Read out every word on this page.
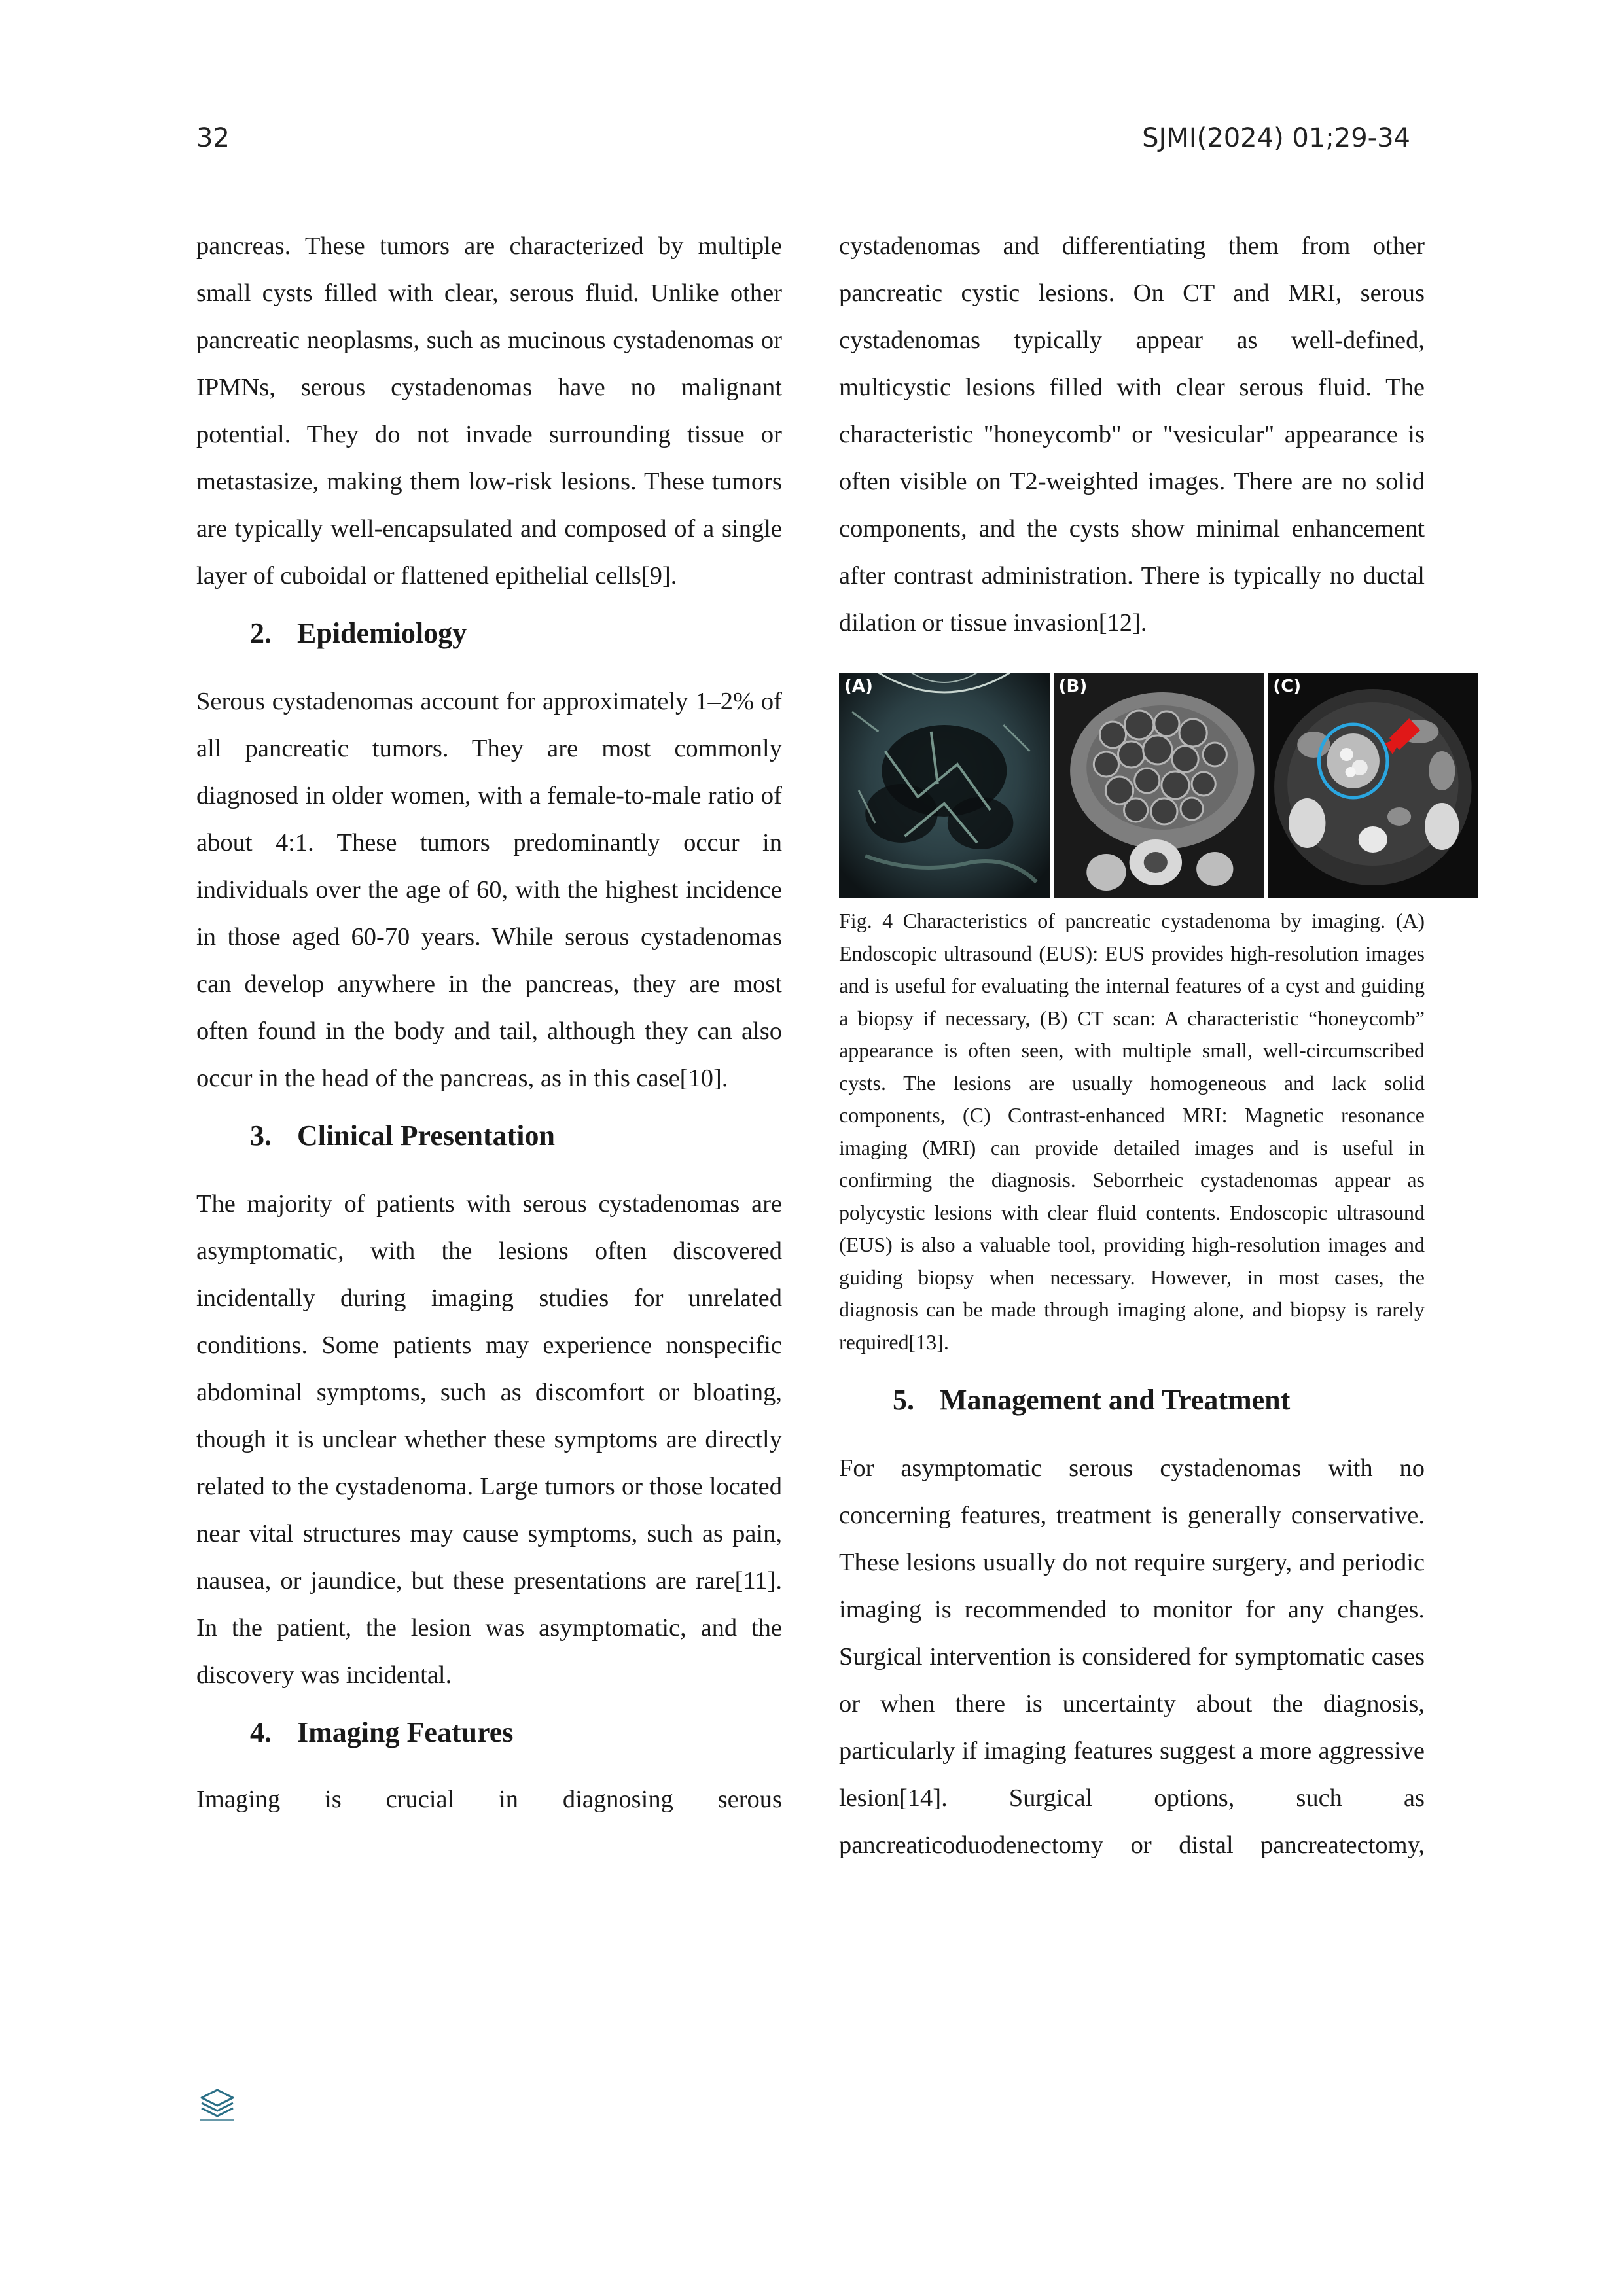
32	SJMI(2024) 01;29-34

pancreas. These tumors are characterized by multiple small cysts filled with clear, serous fluid. Unlike other pancreatic neoplasms, such as mucinous cystadenomas or IPMNs, serous cystadenomas have no malignant potential. They do not invade surrounding tissue or metastasize, making them low-risk lesions. These tumors are typically well-encapsulated and composed of a single layer of cuboidal or flattened epithelial cells[9].

2. Epidemiology

Serous cystadenomas account for approximately 1–2% of all pancreatic tumors. They are most commonly diagnosed in older women, with a female-to-male ratio of about 4:1. These tumors predominantly occur in individuals over the age of 60, with the highest incidence in those aged 60-70 years. While serous cystadenomas can develop anywhere in the pancreas, they are most often found in the body and tail, although they can also occur in the head of the pancreas, as in this case[10].

3. Clinical Presentation

The majority of patients with serous cystadenomas are asymptomatic, with the lesions often discovered incidentally during imaging studies for unrelated conditions. Some patients may experience nonspecific abdominal symptoms, such as discomfort or bloating, though it is unclear whether these symptoms are directly related to the cystadenoma. Large tumors or those located near vital structures may cause symptoms, such as pain, nausea, or jaundice, but these presentations are rare[11]. In the patient, the lesion was asymptomatic, and the discovery was incidental.

4. Imaging Features

Imaging is crucial in diagnosing serous

cystadenomas and differentiating them from other pancreatic cystic lesions. On CT and MRI, serous cystadenomas typically appear as well-defined, multicystic lesions filled with clear serous fluid. The characteristic "honeycomb" or "vesicular" appearance is often visible on T2-weighted images. There are no solid components, and the cysts show minimal enhancement after contrast administration. There is typically no ductal dilation or tissue invasion[12].

(A)	(B)	(C)

Fig. 4 Characteristics of pancreatic cystadenoma by imaging. (A) Endoscopic ultrasound (EUS): EUS provides high-resolution images and is useful for evaluating the internal features of a cyst and guiding a biopsy if necessary, (B) CT scan: A characteristic “honeycomb” appearance is often seen, with multiple small, well-circumscribed cysts. The lesions are usually homogeneous and lack solid components, (C) Contrast-enhanced MRI: Magnetic resonance imaging (MRI) can provide detailed images and is useful in confirming the diagnosis. Seborrheic cystadenomas appear as polycystic lesions with clear fluid contents. Endoscopic ultrasound (EUS) is also a valuable tool, providing high-resolution images and guiding biopsy when necessary. However, in most cases, the diagnosis can be made through imaging alone, and biopsy is rarely required[13].

5. Management and Treatment

For asymptomatic serous cystadenomas with no concerning features, treatment is generally conservative. These lesions usually do not require surgery, and periodic imaging is recommended to monitor for any changes. Surgical intervention is considered for symptomatic cases or when there is uncertainty about the diagnosis, particularly if imaging features suggest a more aggressive lesion[14]. Surgical options, such as pancreaticoduodenectomy or distal pancreatectomy,
